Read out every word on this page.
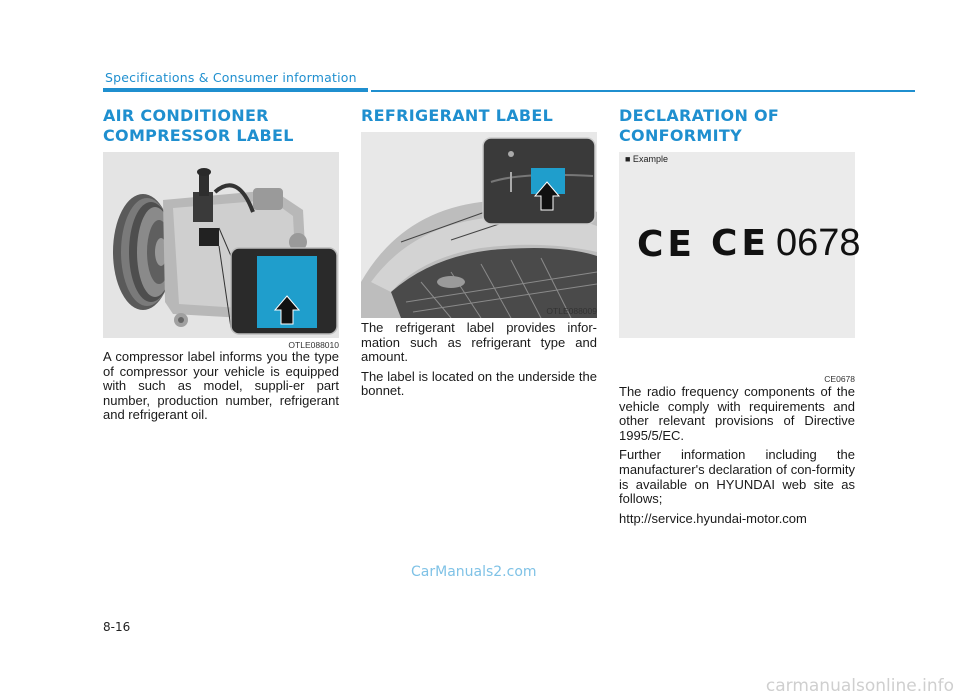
Specifications & Consumer information
AIR CONDITIONER
COMPRESSOR LABEL
OTLE088010

A compressor label informs you the type of compressor your vehicle is equipped with such as model, suppli-er part number, production number, refrigerant and refrigerant oil.

REFRIGERANT LABEL
OTLE088009

The refrigerant label provides infor-mation such as refrigerant type and amount.

The label is located on the underside the bonnet.

DECLARATION OF
CONFORMITY
■ Example
CE CE 0678
CE0678

The radio frequency components of the vehicle comply with requirements and other relevant provisions of Directive 1995/5/EC.

Further information including the manufacturer's declaration of con-formity is available on HYUNDAI web site as follows;

http://service.hyundai-motor.com

CarManuals2.com
8-16
carmanualsonline.info
